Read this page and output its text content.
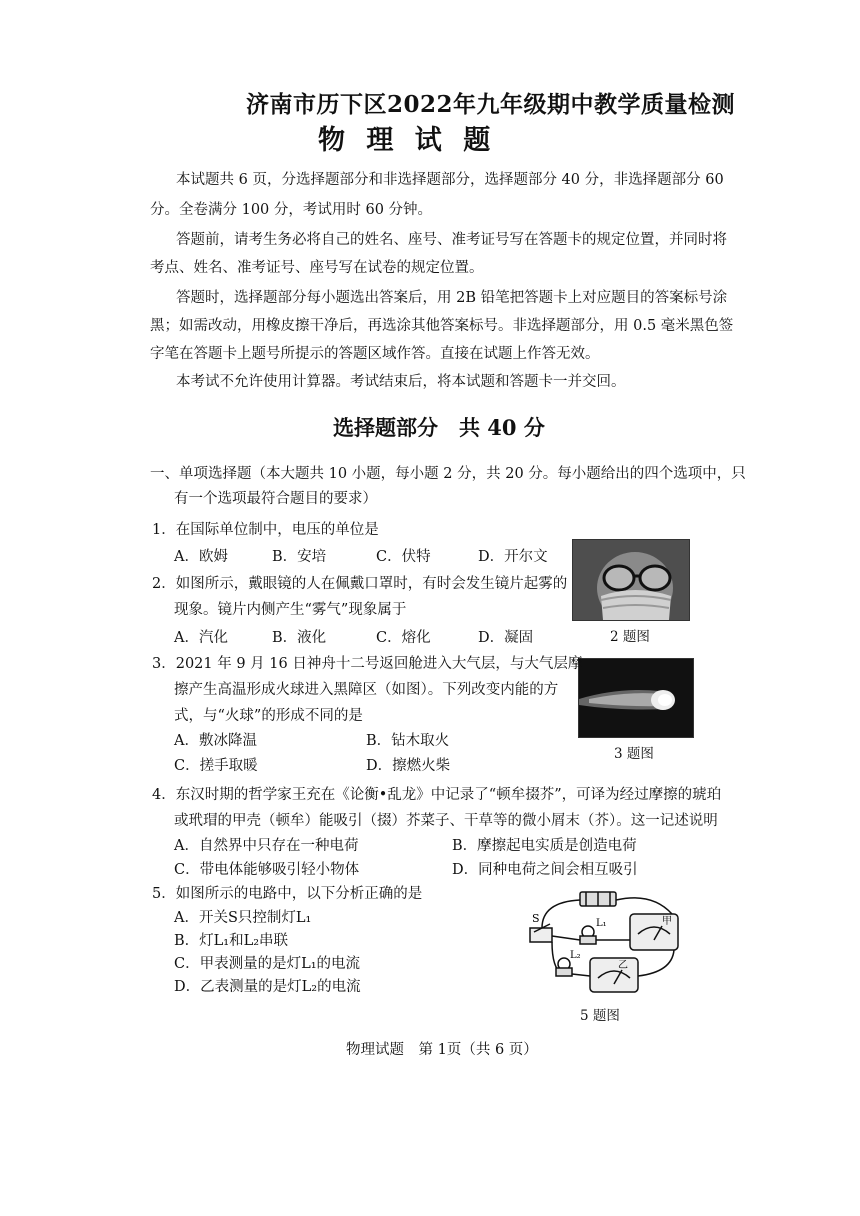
济南市历下区2022年九年级期中教学质量检测
物 理 试 题
本试题共 6 页，分选择题部分和非选择题部分，选择题部分 40 分，非选择题部分 60
分。全卷满分 100 分，考试用时 60 分钟。
答题前，请考生务必将自己的姓名、座号、准考证号写在答题卡的规定位置，并同时将
考点、姓名、准考证号、座号写在试卷的规定位置。
答题时，选择题部分每小题选出答案后，用 2B 铅笔把答题卡上对应题目的答案标号涂
黑；如需改动，用橡皮擦干净后，再选涂其他答案标号。非选择题部分，用 0.5 毫米黑色签
字笔在答题卡上题号所提示的答题区域作答。直接在试题上作答无效。
本考试不允许使用计算器。考试结束后，将本试题和答题卡一并交回。
选择题部分　共 40 分
一、单项选择题（本大题共 10 小题，每小题 2 分，共 20 分。每小题给出的四个选项中，只
有一个选项最符合题目的要求）
1．在国际单位制中，电压的单位是
A．欧姆	B．安培	C．伏特	D．开尔文
2 题图
2．如图所示，戴眼镜的人在佩戴口罩时，有时会发生镜片起雾的
现象。镜片内侧产生“雾气”现象属于
A．汽化	B．液化	C．熔化	D．凝固
3 题图
3．2021 年 9 月 16 日神舟十二号返回舱进入大气层，与大气层摩
擦产生高温形成火球进入黑障区（如图）。下列改变内能的方
式，与“火球”的形成不同的是
A．敷冰降温	B．钻木取火
C．搓手取暖	D．擦燃火柴
4．东汉时期的哲学家王充在《论衡•乱龙》中记录了“顿牟掇芥”，可译为经过摩擦的琥珀
或玳瑁的甲壳（顿牟）能吸引（掇）芥菜子、干草等的微小屑末（芥）。这一记述说明
A．自然界中只存在一种电荷	B．摩擦起电实质是创造电荷
C．带电体能够吸引轻小物体	D．同种电荷之间会相互吸引
5．如图所示的电路中，以下分析正确的是
A．开关S只控制灯L₁
B．灯L₁和L₂串联
C．甲表测量的是灯L₁的电流
D．乙表测量的是灯L₂的电流
S	L₁
L₂
甲
乙
5 题图
物理试题　第 1页（共 6 页）
